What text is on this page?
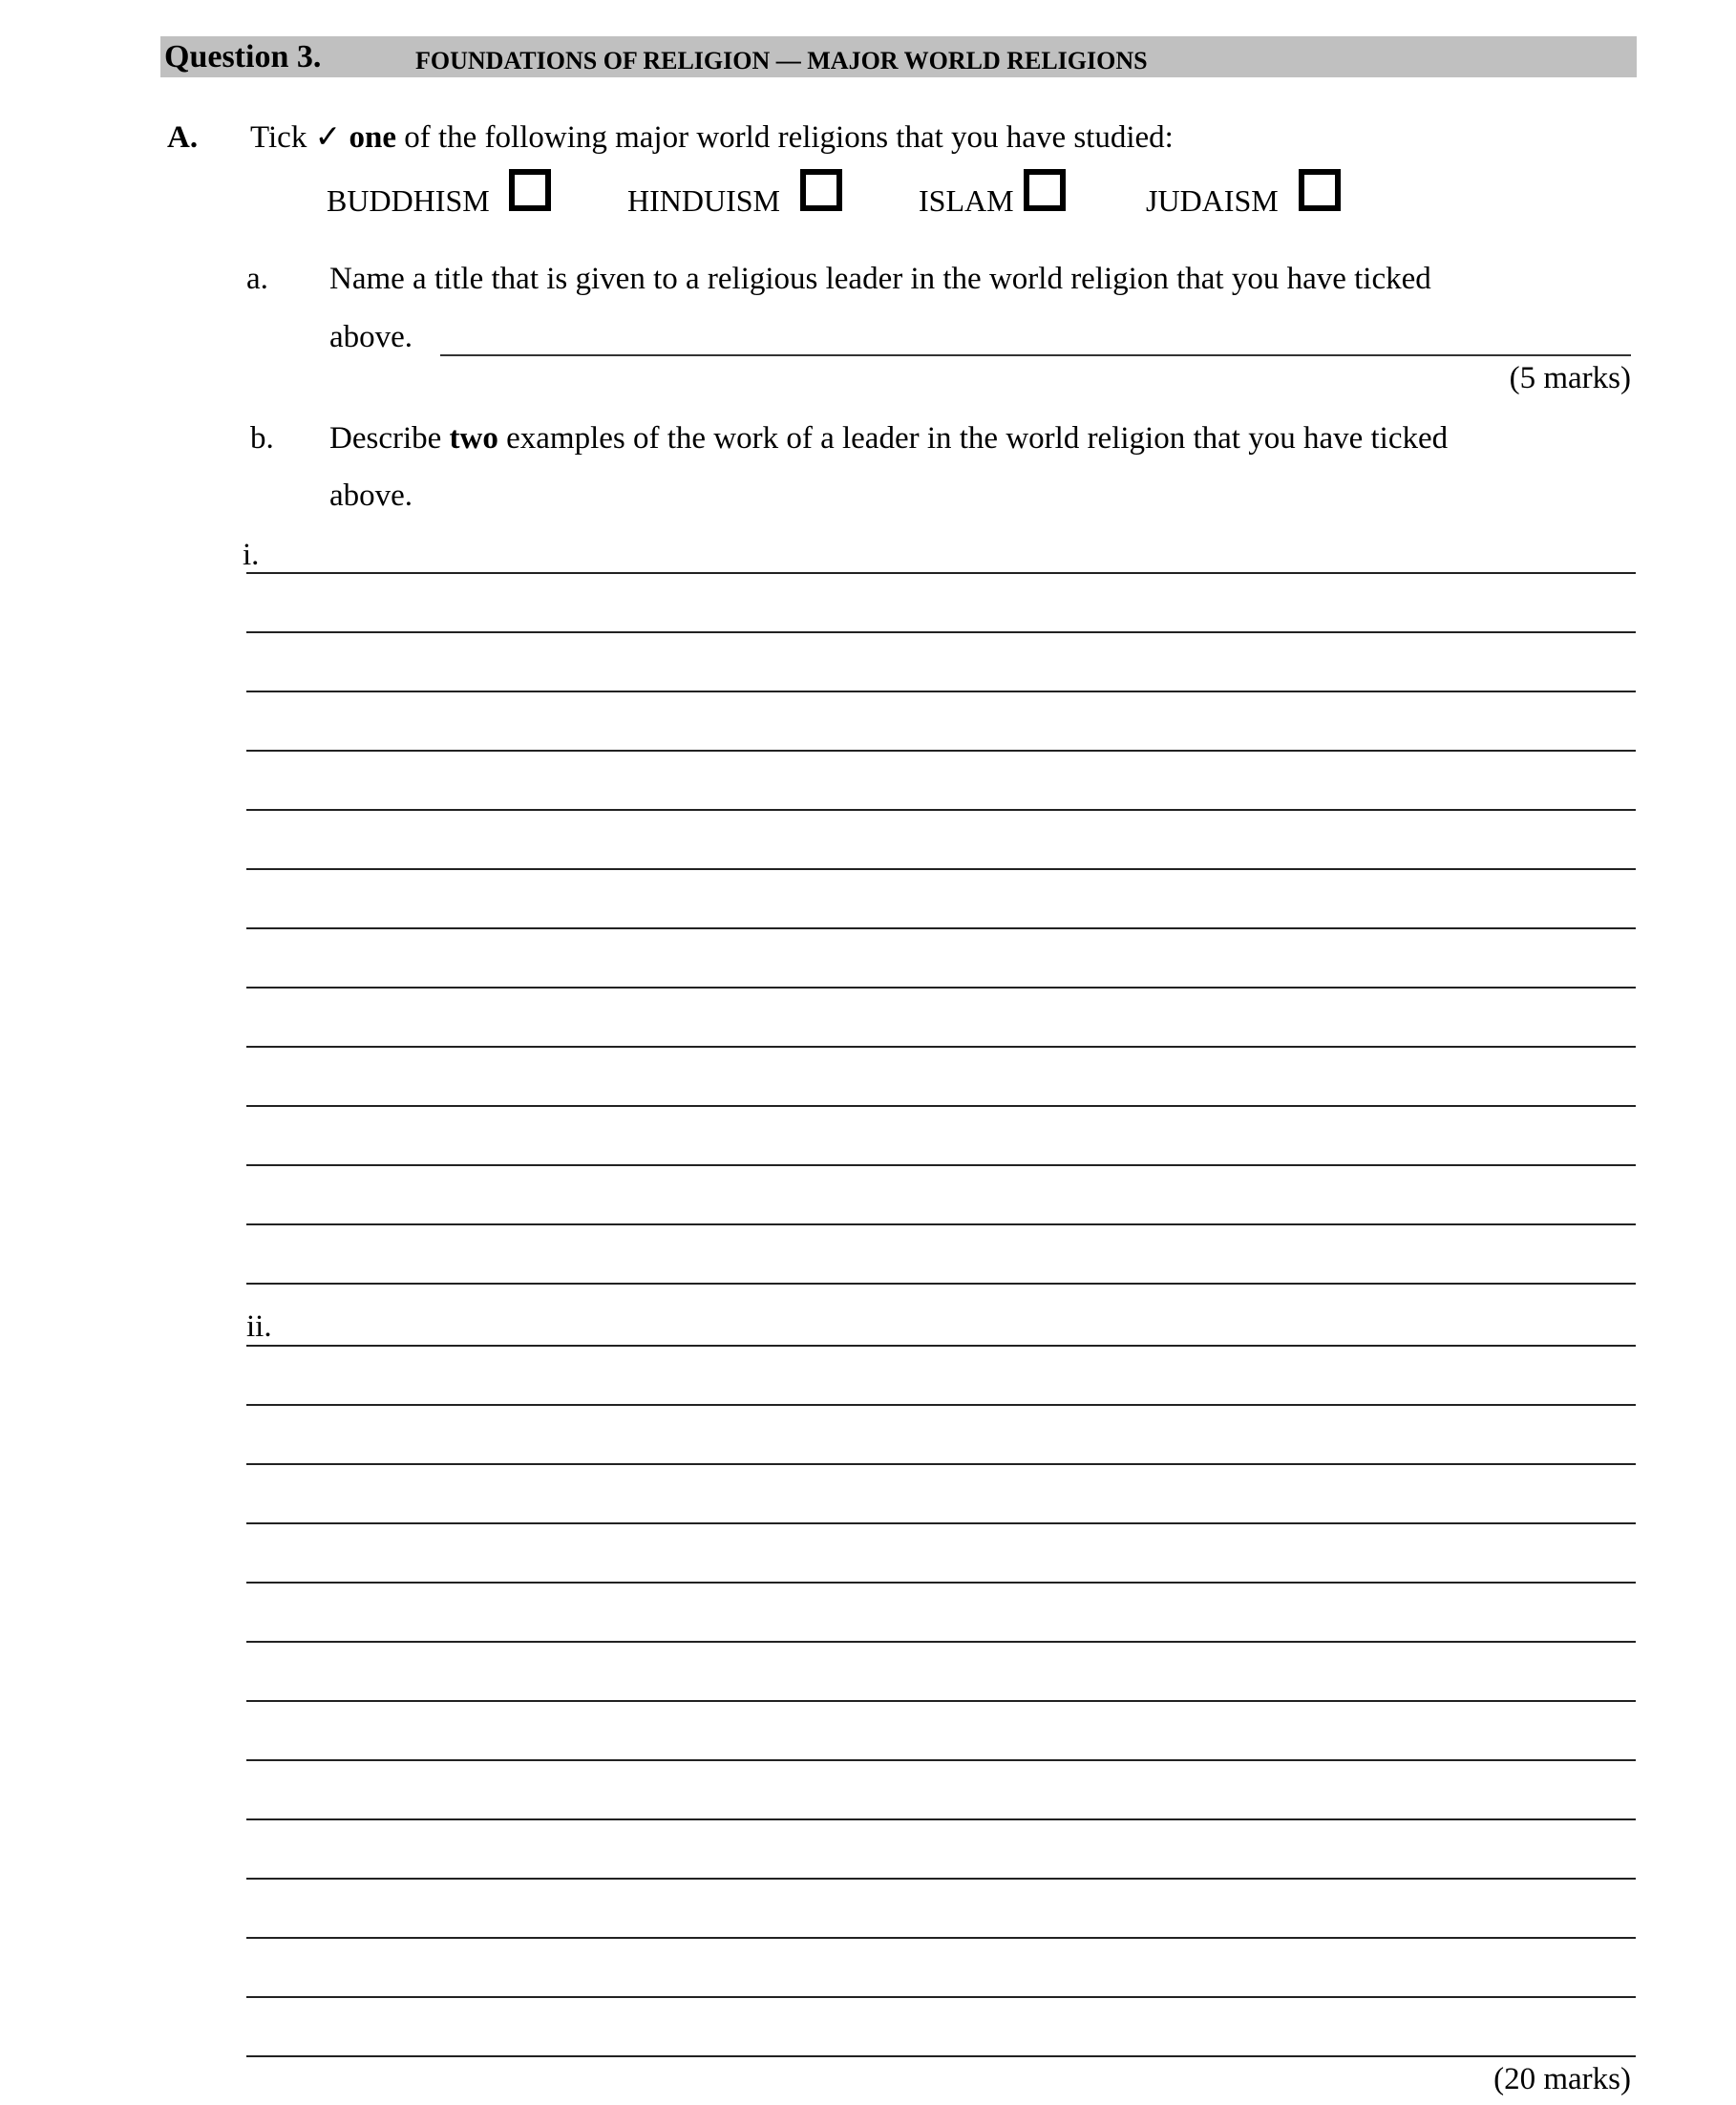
Question 3.	FOUNDATIONS OF RELIGION — MAJOR WORLD RELIGIONS
A. Tick ✓ one of the following major world religions that you have studied:
BUDDHISM	HINDUISM	ISLAM	JUDAISM
a. Name a title that is given to a religious leader in the world religion that you have ticked
above.
(5 marks)
b. Describe two examples of the work of a leader in the world religion that you have ticked
above.
i.
ii.
(20 marks)
